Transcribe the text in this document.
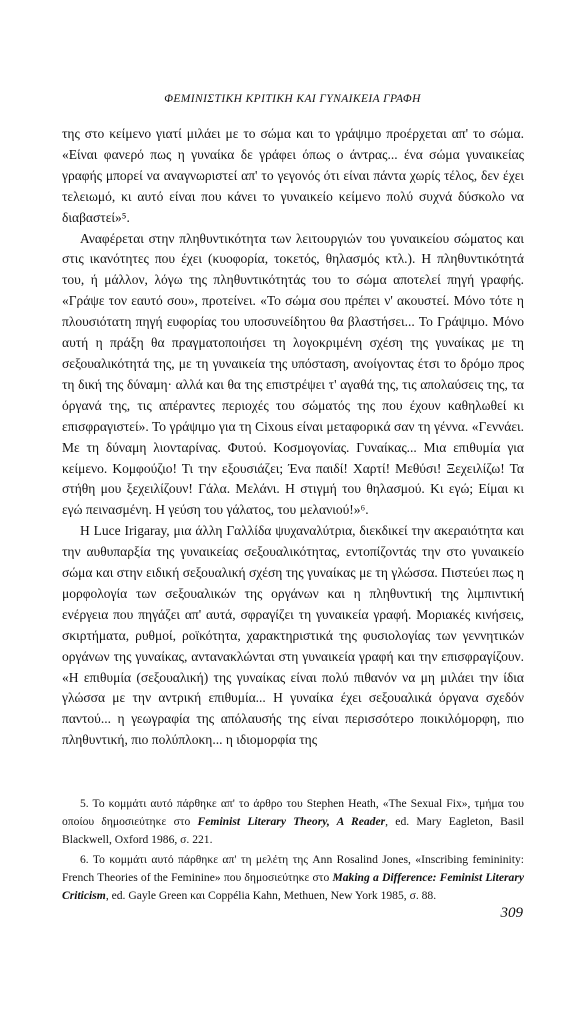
ΦΕΜΙΝΙΣΤΙΚΗ ΚΡΙΤΙΚΗ ΚΑΙ ΓΥΝΑΙΚΕΙΑ ΓΡΑΦΗ

της στο κείμενο γιατί μιλάει με το σώμα και το γράψιμο προέρχεται απ' το σώμα. «Είναι φανερό πως η γυναίκα δε γράφει όπως ο άντρας... ένα σώμα γυναικείας γραφής μπορεί να αναγνωριστεί απ' το γεγονός ότι είναι πάντα χωρίς τέλος, δεν έχει τελειωμό, κι αυτό είναι που κάνει το γυναικείο κείμενο πολύ συχνά δύσκολο να διαβαστεί»⁵.

Αναφέρεται στην πληθυντικότητα των λειτουργιών του γυναικείου σώματος και στις ικανότητες που έχει (κυοφορία, τοκετός, θηλασμός κτλ.). Η πληθυντικότητά του, ή μάλλον, λόγω της πληθυντικότητάς του το σώμα αποτελεί πηγή γραφής. «Γράψε τον εαυτό σου», προτείνει. «Το σώμα σου πρέπει ν' ακουστεί. Μόνο τότε η πλουσιότατη πηγή ευφορίας του υποσυνείδητου θα βλαστήσει... Το Γράψιμο. Μόνο αυτή η πράξη θα πραγματοποιήσει τη λογοκριμένη σχέση της γυναίκας με τη σεξουαλικότητά της, με τη γυναικεία της υπόσταση, ανοίγοντας έτσι το δρόμο προς τη δική της δύναμη· αλλά και θα της επιστρέψει τ' αγαθά της, τις απολαύσεις της, τα όργανά της, τις απέραντες περιοχές του σώματός της που έχουν καθηλωθεί κι επισφραγιστεί». Το γράψιμο για τη Cixous είναι μεταφορικά σαν τη γέννα. «Γεννάει. Με τη δύναμη λιονταρίνας. Φυτού. Κοσμογονίας. Γυναίκας... Μια επιθυμία για κείμενο. Κομφούζιο! Τι την εξουσιάζει; Ένα παιδί! Χαρτί! Μεθύσι! Ξεχειλίζω! Τα στήθη μου ξεχειλίζουν! Γάλα. Μελάνι. Η στιγμή του θηλασμού. Κι εγώ; Είμαι κι εγώ πεινασμένη. Η γεύση του γάλατος, του μελανιού!»⁶.

Η Luce Irigaray, μια άλλη Γαλλίδα ψυχαναλύτρια, διεκδικεί την ακεραιότητα και την αυθυπαρξία της γυναικείας σεξουαλικότητας, εντοπίζοντάς την στο γυναικείο σώμα και στην ειδική σεξουαλική σχέση της γυναίκας με τη γλώσσα. Πιστεύει πως η μορφολογία των σεξουαλικών της οργάνων και η πληθυντική της λιμπιντική ενέργεια που πηγάζει απ' αυτά, σφραγίζει τη γυναικεία γραφή. Μοριακές κινήσεις, σκιρτήματα, ρυθμοί, ροϊκότητα, χαρακτηριστικά της φυσιολογίας των γεννητικών οργάνων της γυναίκας, αντανακλώνται στη γυναικεία γραφή και την επισφραγίζουν. «Η επιθυμία (σεξουαλική) της γυναίκας είναι πολύ πιθανόν να μη μιλάει την ίδια γλώσσα με την αντρική επιθυμία... Η γυναίκα έχει σεξουαλικά όργανα σχεδόν παντού... η γεωγραφία της απόλαυσής της είναι περισσότερο ποικιλόμορφη, πιο πληθυντική, πιο πολύπλοκη... η ιδιομορφία της

5. Το κομμάτι αυτό πάρθηκε απ' το άρθρο του Stephen Heath, «The Sexual Fix», τμήμα του οποίου δημοσιεύτηκε στο Feminist Literary Theory, A Reader, ed. Mary Eagleton, Basil Blackwell, Oxford 1986, σ. 221.

6. Το κομμάτι αυτό πάρθηκε απ' τη μελέτη της Ann Rosalind Jones, «Inscribing femininity: French Theories of the Feminine» που δημοσιεύτηκε στο Making a Difference: Feminist Literary Criticism, ed. Gayle Green και Coppélia Kahn, Methuen, New York 1985, σ. 88.

309
